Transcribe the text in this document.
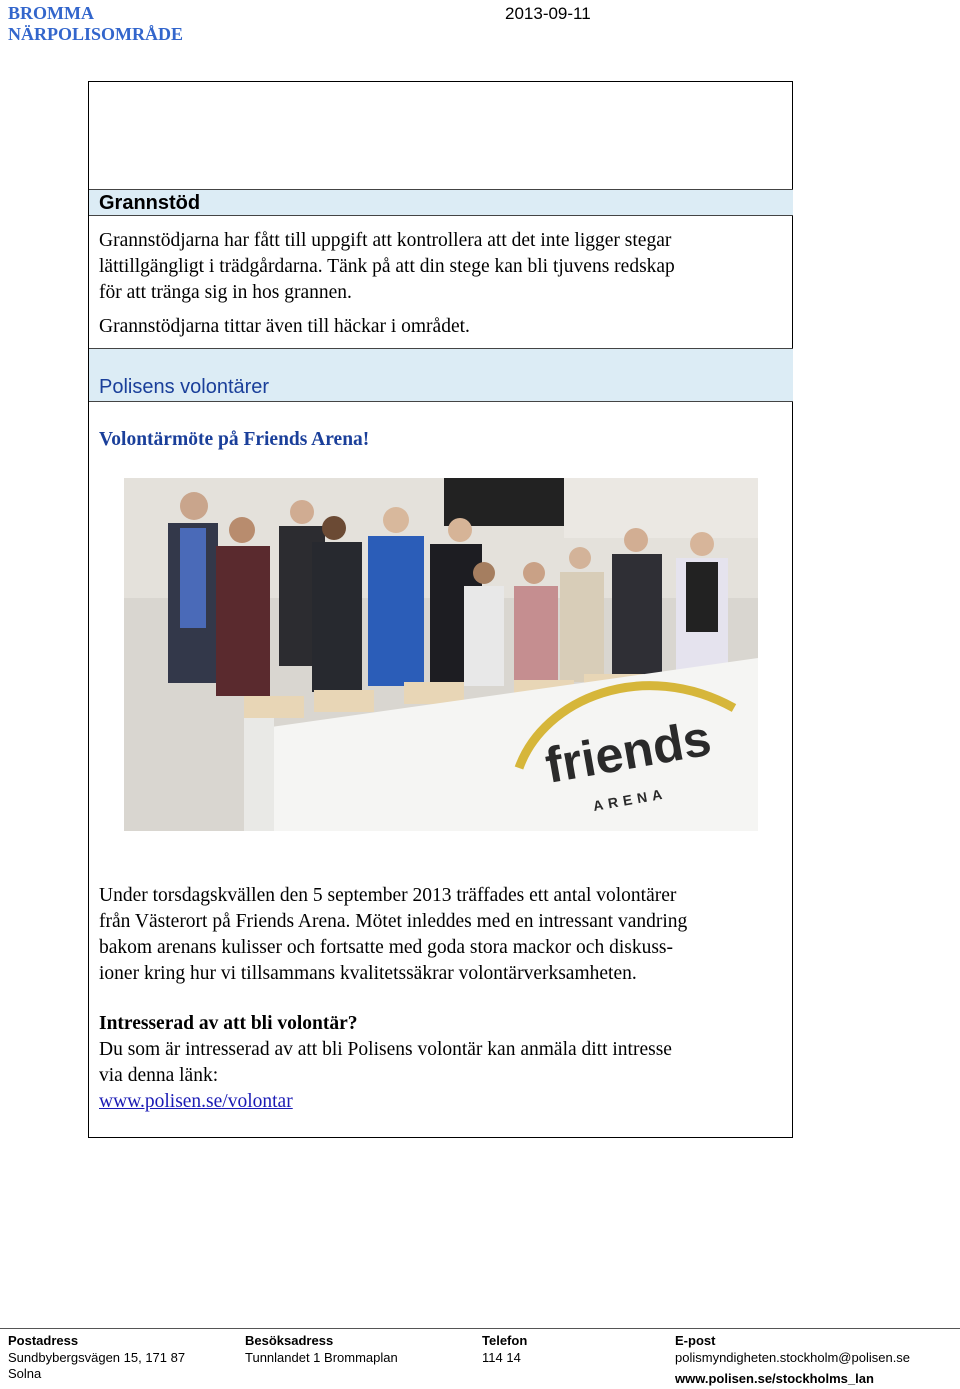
BROMMA
NÄRPOLISOMRÅDE
2013-09-11
Grannstöd

Grannstödjarna har fått till uppgift att kontrollera att det inte ligger stegar
lättillgängligt i trädgårdarna. Tänk på att din stege kan bli tjuvens redskap
för att tränga sig in hos grannen.

Grannstödjarna tittar även till häckar i området.

Polisens volontärer
Volontärmöte på Friends Arena!
friends
ARENA

Under torsdagskvällen den 5 september 2013 träffades ett antal volontärer
från Västerort på Friends Arena. Mötet inleddes med en intressant vandring
bakom arenans kulisser och fortsatte med goda stora mackor och diskuss-
ioner kring hur vi tillsammans kvalitetssäkrar volontärverksamheten.

Intresserad av att bli volontär?
Du som är intresserad av att bli Polisens volontär kan anmäla ditt intresse
via denna länk:
www.polisen.se/volontar
Postadress
Sundbybergsvägen 15, 171 87
Solna
Besöksadress
Tunnlandet 1 Brommaplan
Telefon
114 14
E-post
polismyndigheten.stockholm@polisen.se
www.polisen.se/stockholms_lan
